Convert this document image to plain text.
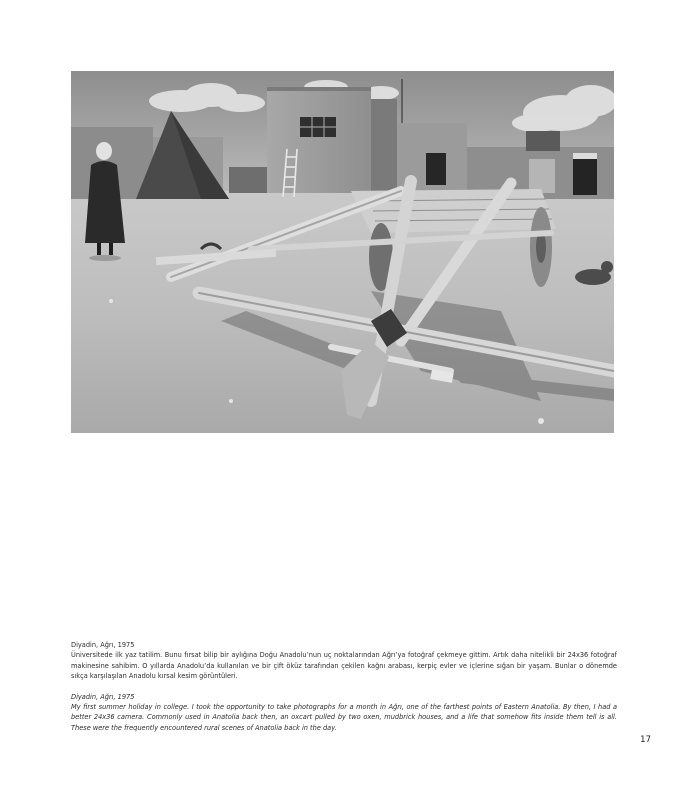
Diyadin, Ağrı, 1975

Üniversitede ilk yaz tatilim. Bunu fırsat bilip bir aylığına Doğu Anadolu’nun uç noktalarından Ağrı’ya fotoğraf çekmeye gittim. Artık daha nitelikli bir 24x36 fotoğraf makinesine sahibim. O yıllarda Anadolu’da kullanılan ve bir çift öküz tarafından çekilen kağnı arabası, kerpiç evler ve içlerine sığan bir yaşam. Bunlar o dönemde sıkça karşılaşılan Anadolu kırsal kesim görüntüleri.

Diyadin, Ağrı, 1975

My first summer holiday in college. I took the opportunity to take photographs for a month in Ağrı, one of the farthest points of Eastern Anatolia. By then, I had a better 24x36 camera. Commonly used in Anatolia back then, an oxcart pulled by two oxen, mudbrick houses, and a life that somehow fits inside them tell is all. These were the frequently encountered rural scenes of Anatolia back in the day.

17
